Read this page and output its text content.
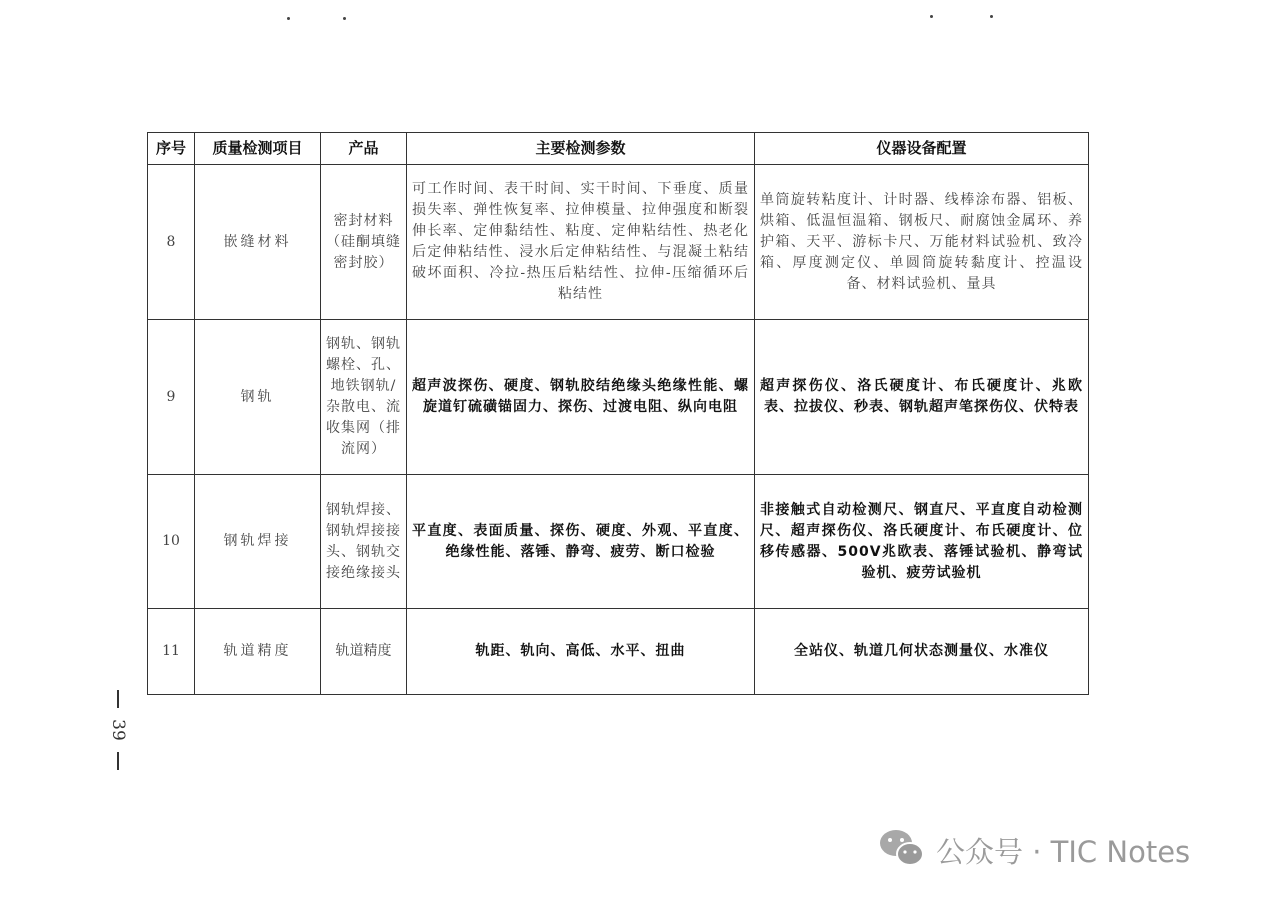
序号	质量检测项目	产品	主要检测参数	仪器设备配置
8	嵌缝材料	密封材料（硅酮填缝密封胶）	可工作时间、表干时间、实干时间、下垂度、质量损失率、弹性恢复率、拉伸模量、拉伸强度和断裂伸长率、定伸黏结性、粘度、定伸粘结性、热老化后定伸粘结性、浸水后定伸粘结性、与混凝土粘结破坏面积、冷拉-热压后粘结性、拉伸-压缩循环后粘结性	单筒旋转粘度计、计时器、线棒涂布器、铝板、烘箱、低温恒温箱、钢板尺、耐腐蚀金属环、养护箱、天平、游标卡尺、万能材料试验机、致冷箱、厚度测定仪、单圆筒旋转黏度计、控温设备、材料试验机、量具
9	钢轨	钢轨、钢轨螺栓、孔、地铁钢轨/杂散电、流收集网（排流网）	超声波探伤、硬度、钢轨胶结绝缘头绝缘性能、螺旋道钉硫磺锚固力、探伤、过渡电阻、纵向电阻	超声探伤仪、洛氏硬度计、布氏硬度计、兆欧表、拉拔仪、秒表、钢轨超声笔探伤仪、伏特表
10	钢轨焊接	钢轨焊接、钢轨焊接接头、钢轨交接绝缘接头	平直度、表面质量、探伤、硬度、外观、平直度、绝缘性能、落锤、静弯、疲劳、断口检验	非接触式自动检测尺、钢直尺、平直度自动检测尺、超声探伤仪、洛氏硬度计、布氏硬度计、位移传感器、500V兆欧表、落锤试验机、静弯试验机、疲劳试验机
11	轨道精度	轨道精度	轨距、轨向、高低、水平、扭曲	全站仪、轨道几何状态测量仪、水准仪
39
公众号 · TIC Notes
